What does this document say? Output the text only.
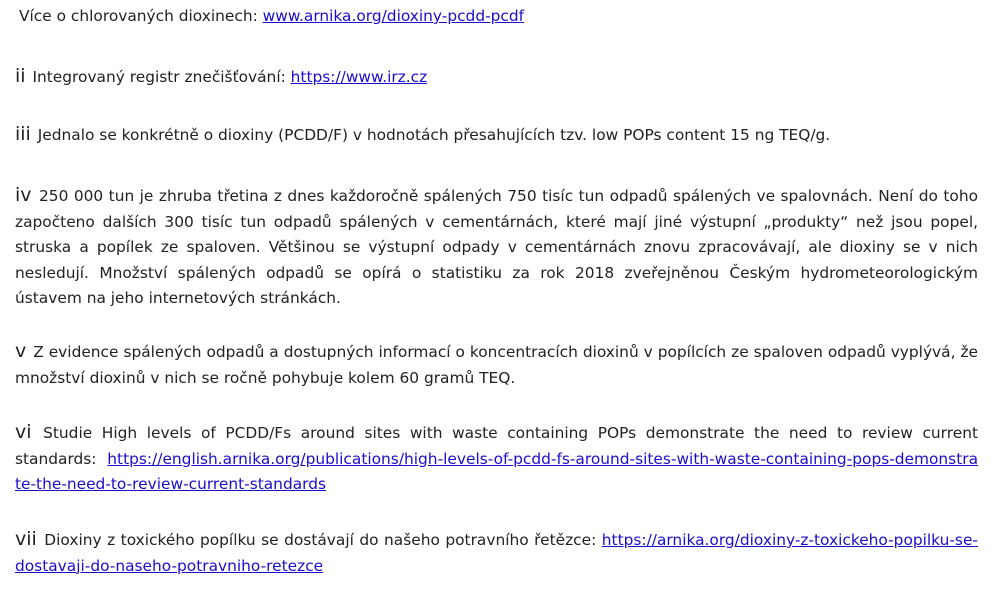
Více o chlorovaných dioxinech: www.arnika.org/dioxiny-pcdd-pcdf

ii Integrovaný registr znečišťování: https://www.irz.cz

iii Jednalo se konkrétně o dioxiny (PCDD/F) v hodnotách přesahujících tzv. low POPs content 15 ng TEQ/g.

iv 250 000 tun je zhruba třetina z dnes každoročně spálených 750 tisíc tun odpadů spálených ve spalovnách. Není do toho započteno dalších 300 tisíc tun odpadů spálených v cementárnách, které mají jiné výstupní „produkty“ než jsou popel, struska a popílek ze spaloven. Většinou se výstupní odpady v cementárnách znovu zpracovávají, ale dioxiny se v nich nesledují. Množství spálených odpadů se opírá o statistiku za rok 2018 zveřejněnou Českým hydrometeorologickým ústavem na jeho internetových stránkách.

v Z evidence spálených odpadů a dostupných informací o koncentracích dioxinů v popílcích ze spaloven odpadů vyplývá, že množství dioxinů v nich se ročně pohybuje kolem 60 gramů TEQ.

vi Studie High levels of PCDD/Fs around sites with waste containing POPs demonstrate the need to review current standards: https://english.arnika.org/publications/high-levels-of-pcdd-fs-around-sites-with-waste-containing-pops-demonstrate-the-need-to-review-current-standards

vii Dioxiny z toxického popílku se dostávají do našeho potravního řetězce: https://arnika.org/dioxiny-z-toxickeho-popilku-se-dostavaji-do-naseho-potravniho-retezce
